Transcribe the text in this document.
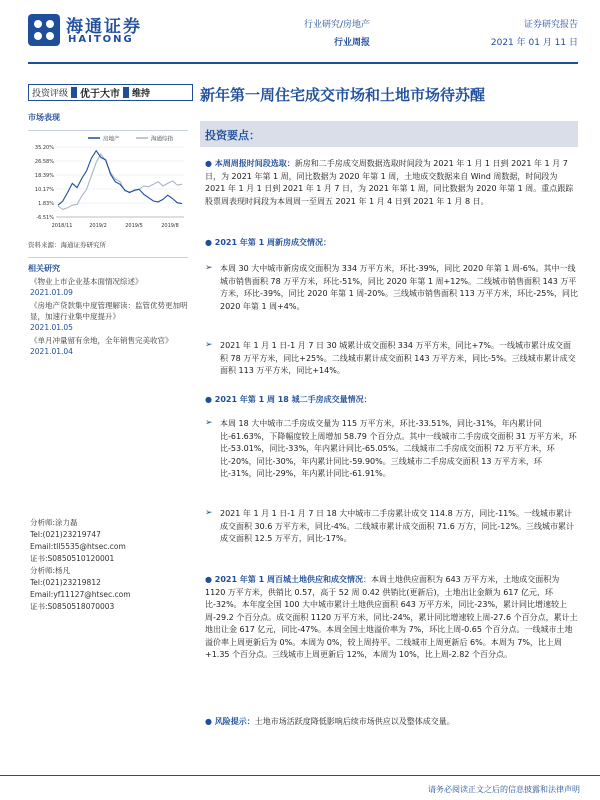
海通证券
HAITONG
行业研究/房地产
行业周报
证券研究报告
2021 年 01 月 11 日
投资评级	优于大市	维持	新年第一周住宅成交市场和土地市场待苏醒
市场表现
房地产	海通综指
35.20%
26.58%
18.39%
10.17%
1.83%
-6.51%
2018/11	2019/2	2019/5	2019/8
资料来源：海通证券研究所
相关研究
《物业上市企业基本面情况综述》
2021.01.09
《房地产贷款集中度管理解读：监管优势更加明显，加速行业集中度提升》
2021.01.05
《单月冲量留有余地，全年销售完美收官》
2021.01.04
分析师:涂力磊
Tel:(021)23219747
Email:tll5535@htsec.com
证书:S0850510120001
分析师:杨凡
Tel:(021)23219812
Email:yf11127@htsec.com
证书:S0850518070003
投资要点：
● 本周周报时间段选取：新房和二手房成交周数据选取时间段为 2021 年 1 月 1 日到 2021 年 1 月 7 日，为 2021 年第 1 周，同比数据为 2020 年第 1 周，土地成交数据来自 Wind 周数据，时间段为 2021 年 1 月 1 日到 2021 年 1 月 7 日，为 2021 年第 1 周，同比数据为 2020 年第 1 周。重点跟踪股票周表现时间段为本周周一至周五 2021 年 1 月 4 日到 2021 年 1 月 8 日。
● 2021 年第 1 周新房成交情况：
➢ 本周 30 大中城市新房成交面积为 334 万平方米，环比-39%，同比 2020 年第 1 周-6%。其中一线城市销售面积 78 万平方米，环比-51%，同比 2020 年第 1 周+12%。二线城市销售面积 143 万平方米，环比-39%，同比 2020 年第 1 周-20%。三线城市销售面积 113 万平方米，环比-25%，同比 2020 年第 1 周+4%。
➢ 2021 年 1 月 1 日-1 月 7 日 30 城累计成交面积 334 万平方米，同比+7%。一线城市累计成交面积 78 万平方米，同比+25%。二线城市累计成交面积 143 万平方米，同比-5%。三线城市累计成交面积 113 万平方米，同比+14%。
● 2021 年第 1 周 18 城二手房成交量情况：
➢ 本周 18 大中城市二手房成交量为 115 万平方米，环比-33.51%，同比-31%，年内累计同比-61.63%，下降幅度较上周增加 58.79 个百分点。其中一线城市二手房成交面积 31 万平方米，环比-53.01%，同比-33%，年内累计同比-65.05%。二线城市二手房成交面积 72 万平方米，环比-20%，同比-30%，年内累计同比-59.90%。三线城市二手房成交面积 13 万平方米，环比-31%，同比-29%，年内累计同比-61.91%。
➢ 2021 年 1 月 1 日-1 月 7 日 18 大中城市二手房累计成交 114.8 万方，同比-11%。一线城市累计成交面积 30.6 万平方米，同比-4%。二线城市累计成交面积 71.6 万方，同比-12%。三线城市累计成交面积 12.5 万平方，同比-17%。
● 2021 年第 1 周百城土地供应和成交情况：本周土地供应面积为 643 万平方米，土地成交面积为 1120 万平方米，供销比 0.57，高于 52 周 0.42 供销比(更新后)，土地出让金额为 617 亿元，环比-32%。本年度全国 100 大中城市累计土地供应面积 643 万平方米，同比-23%，累计同比增速较上周-29.2 个百分点。成交面积 1120 万平方米，同比-24%，累计同比增速较上周-27.6 个百分点，累计土地出让金 617 亿元，同比-47%。本周全国土地溢价率为 7%，环比上周-0.65 个百分点。一线城市土地溢价率上周更新后为 0%。本周为 0%，较上周持平。二线城市上周更新后 6%。本周为 7%，比上周+1.35 个百分点。三线城市上周更新后 12%，本周为 10%，比上周-2.82 个百分点。
● 风险提示：土地市场活跃度降低影响后续市场供应以及整体成交量。
请务必阅读正文之后的信息披露和法律声明
